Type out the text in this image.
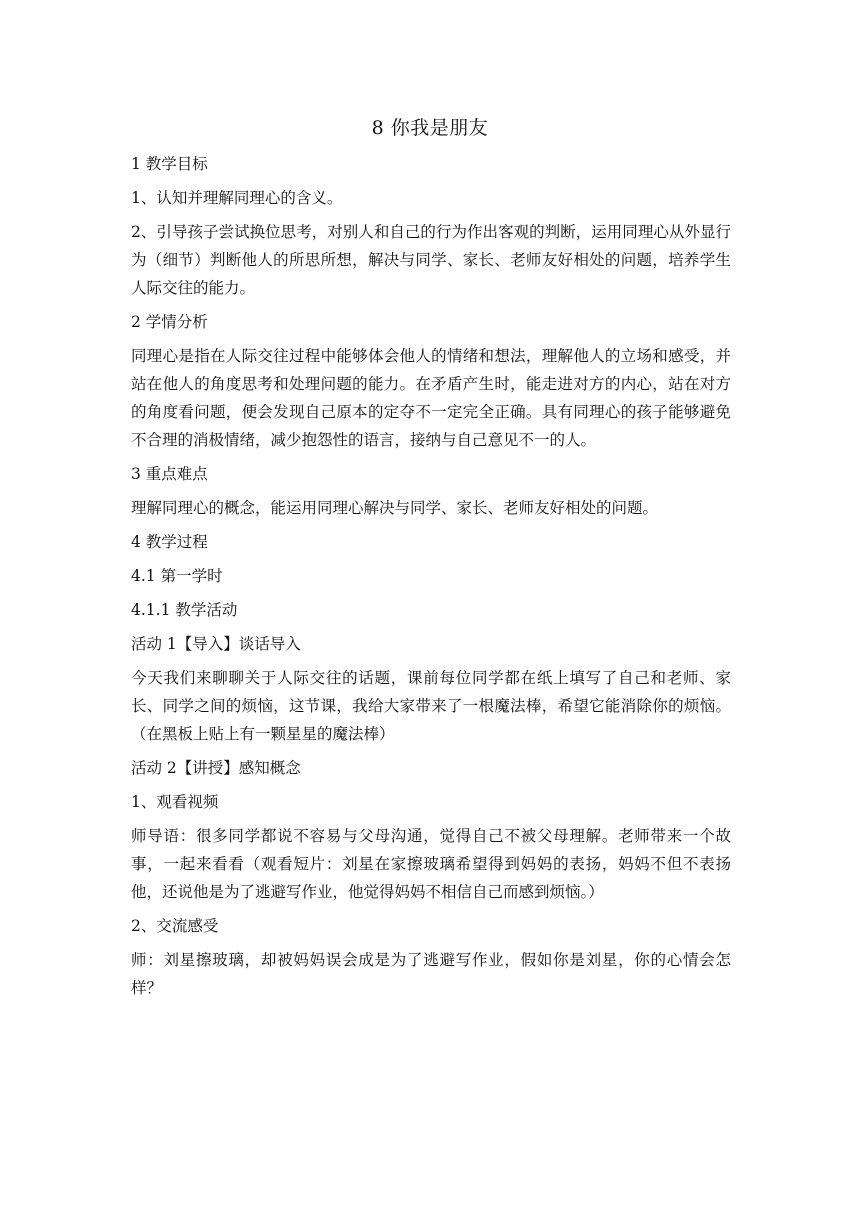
8 你我是朋友

1 教学目标

1、认知并理解同理心的含义。

2、引导孩子尝试换位思考，对别人和自己的行为作出客观的判断，运用同理心从外显行为（细节）判断他人的所思所想，解决与同学、家长、老师友好相处的问题，培养学生人际交往的能力。

2 学情分析

同理心是指在人际交往过程中能够体会他人的情绪和想法，理解他人的立场和感受，并站在他人的角度思考和处理问题的能力。在矛盾产生时，能走进对方的内心，站在对方的角度看问题，便会发现自己原本的定夺不一定完全正确。具有同理心的孩子能够避免不合理的消极情绪，减少抱怨性的语言，接纳与自己意见不一的人。

3 重点难点

理解同理心的概念，能运用同理心解决与同学、家长、老师友好相处的问题。

4 教学过程

4.1 第一学时

4.1.1 教学活动

活动 1【导入】谈话导入

今天我们来聊聊关于人际交往的话题，课前每位同学都在纸上填写了自己和老师、家长、同学之间的烦恼，这节课，我给大家带来了一根魔法棒，希望它能消除你的烦恼。（在黑板上贴上有一颗星星的魔法棒）

活动 2【讲授】感知概念

1、观看视频

师导语：很多同学都说不容易与父母沟通，觉得自己不被父母理解。老师带来一个故事，一起来看看（观看短片：刘星在家擦玻璃希望得到妈妈的表扬，妈妈不但不表扬他，还说他是为了逃避写作业，他觉得妈妈不相信自己而感到烦恼。）

2、交流感受

师：刘星擦玻璃，却被妈妈误会成是为了逃避写作业，假如你是刘星，你的心情会怎样？
